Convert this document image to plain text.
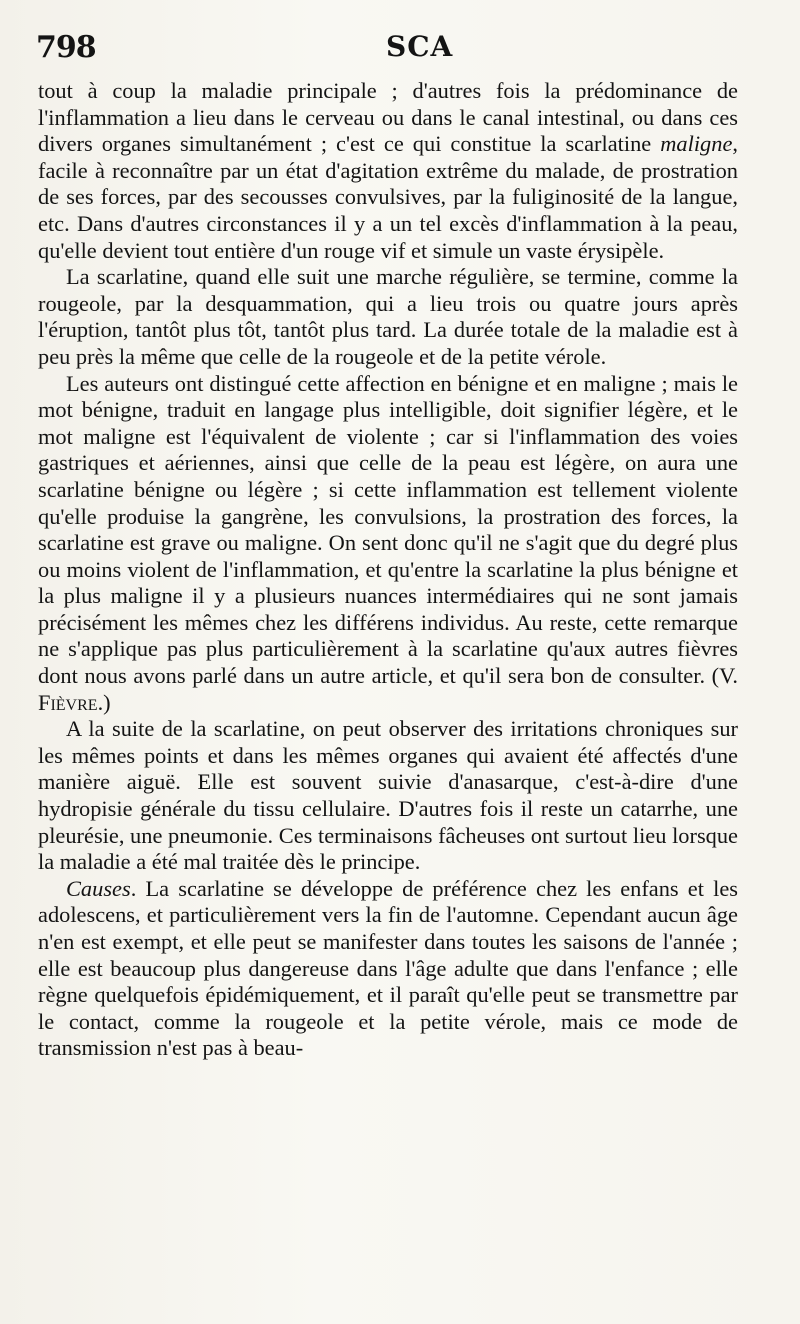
798	SCA

tout à coup la maladie principale ; d'autres fois la prédominance de l'inflammation a lieu dans le cerveau ou dans le canal intestinal, ou dans ces divers organes simultanément ; c'est ce qui constitue la scarlatine maligne, facile à reconnaître par un état d'agitation extrême du malade, de prostration de ses forces, par des secousses convulsives, par la fuliginosité de la langue, etc. Dans d'autres circonstances il y a un tel excès d'inflammation à la peau, qu'elle devient tout entière d'un rouge vif et simule un vaste érysipèle.

La scarlatine, quand elle suit une marche régulière, se termine, comme la rougeole, par la desquammation, qui a lieu trois ou quatre jours après l'éruption, tantôt plus tôt, tantôt plus tard. La durée totale de la maladie est à peu près la même que celle de la rougeole et de la petite vérole.

Les auteurs ont distingué cette affection en bénigne et en maligne ; mais le mot bénigne, traduit en langage plus intelligible, doit signifier légère, et le mot maligne est l'équivalent de violente ; car si l'inflammation des voies gastriques et aériennes, ainsi que celle de la peau est légère, on aura une scarlatine bénigne ou légère ; si cette inflammation est tellement violente qu'elle produise la gangrène, les convulsions, la prostration des forces, la scarlatine est grave ou maligne. On sent donc qu'il ne s'agit que du degré plus ou moins violent de l'inflammation, et qu'entre la scarlatine la plus bénigne et la plus maligne il y a plusieurs nuances intermédiaires qui ne sont jamais précisément les mêmes chez les différens individus. Au reste, cette remarque ne s'applique pas plus particulièrement à la scarlatine qu'aux autres fièvres dont nous avons parlé dans un autre article, et qu'il sera bon de consulter. (V. Fièvre.)

A la suite de la scarlatine, on peut observer des irritations chroniques sur les mêmes points et dans les mêmes organes qui avaient été affectés d'une manière aiguë. Elle est souvent suivie d'anasarque, c'est-à-dire d'une hydropisie générale du tissu cellulaire. D'autres fois il reste un catarrhe, une pleurésie, une pneumonie. Ces terminaisons fâcheuses ont surtout lieu lorsque la maladie a été mal traitée dès le principe.

Causes. La scarlatine se développe de préférence chez les enfans et les adolescens, et particulièrement vers la fin de l'automne. Cependant aucun âge n'en est exempt, et elle peut se manifester dans toutes les saisons de l'année ; elle est beaucoup plus dangereuse dans l'âge adulte que dans l'enfance ; elle règne quelquefois épidémiquement, et il paraît qu'elle peut se transmettre par le contact, comme la rougeole et la petite vérole, mais ce mode de transmission n'est pas à beau-
